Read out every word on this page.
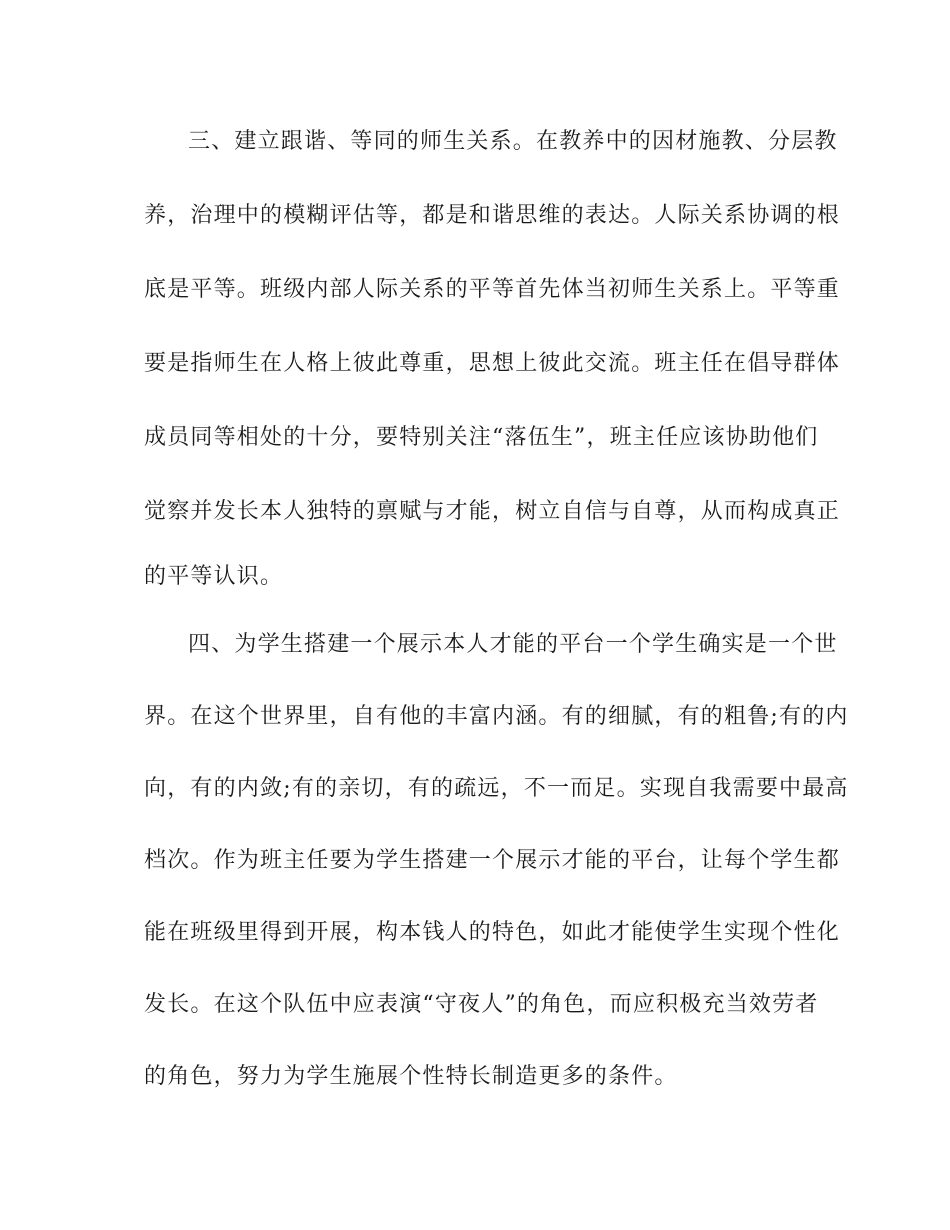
三、建立跟谐、等同的师生关系。在教养中的因材施教、分层教
养，治理中的模糊评估等，都是和谐思维的表达。人际关系协调的根
底是平等。班级内部人际关系的平等首先体当初师生关系上。平等重
要是指师生在人格上彼此尊重，思想上彼此交流。班主任在倡导群体
成员同等相处的十分，要特别关注“落伍生”，班主任应该协助他们
觉察并发长本人独特的禀赋与才能，树立自信与自尊，从而构成真正
的平等认识。
四、为学生搭建一个展示本人才能的平台一个学生确实是一个世
界。在这个世界里，自有他的丰富内涵。有的细腻，有的粗鲁;有的内
向，有的内敛;有的亲切，有的疏远，不一而足。实现自我需要中最高
档次。作为班主任要为学生搭建一个展示才能的平台，让每个学生都
能在班级里得到开展，构本钱人的特色，如此才能使学生实现个性化
发长。在这个队伍中应表演“守夜人”的角色，而应积极充当效劳者
的角色，努力为学生施展个性特长制造更多的条件。
